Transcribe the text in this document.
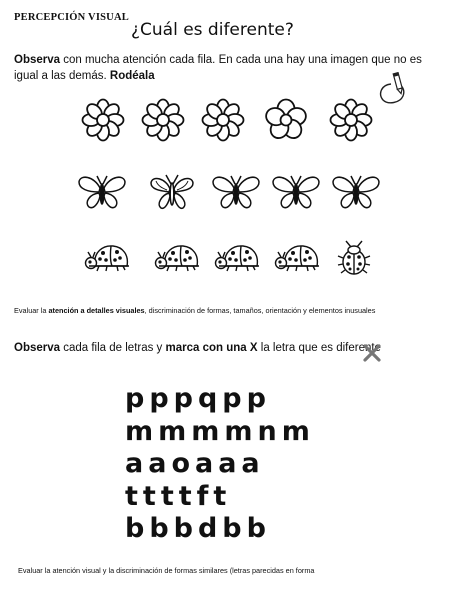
PERCEPCIÓN VISUAL
¿Cuál es diferente?
Observa con mucha atención cada fila. En cada una hay una imagen que no es igual a las demás. Rodéala
Evaluar la atención a detalles visuales, discriminación de formas, tamaños, orientación y elementos inusuales
Observa cada fila de letras y marca con una X la letra que es diferente
pppqpp
mmmmnm
aaoaaa
ttttft
bbbdbb
Evaluar la atención visual y la discriminación de formas similares (letras parecidas en forma
